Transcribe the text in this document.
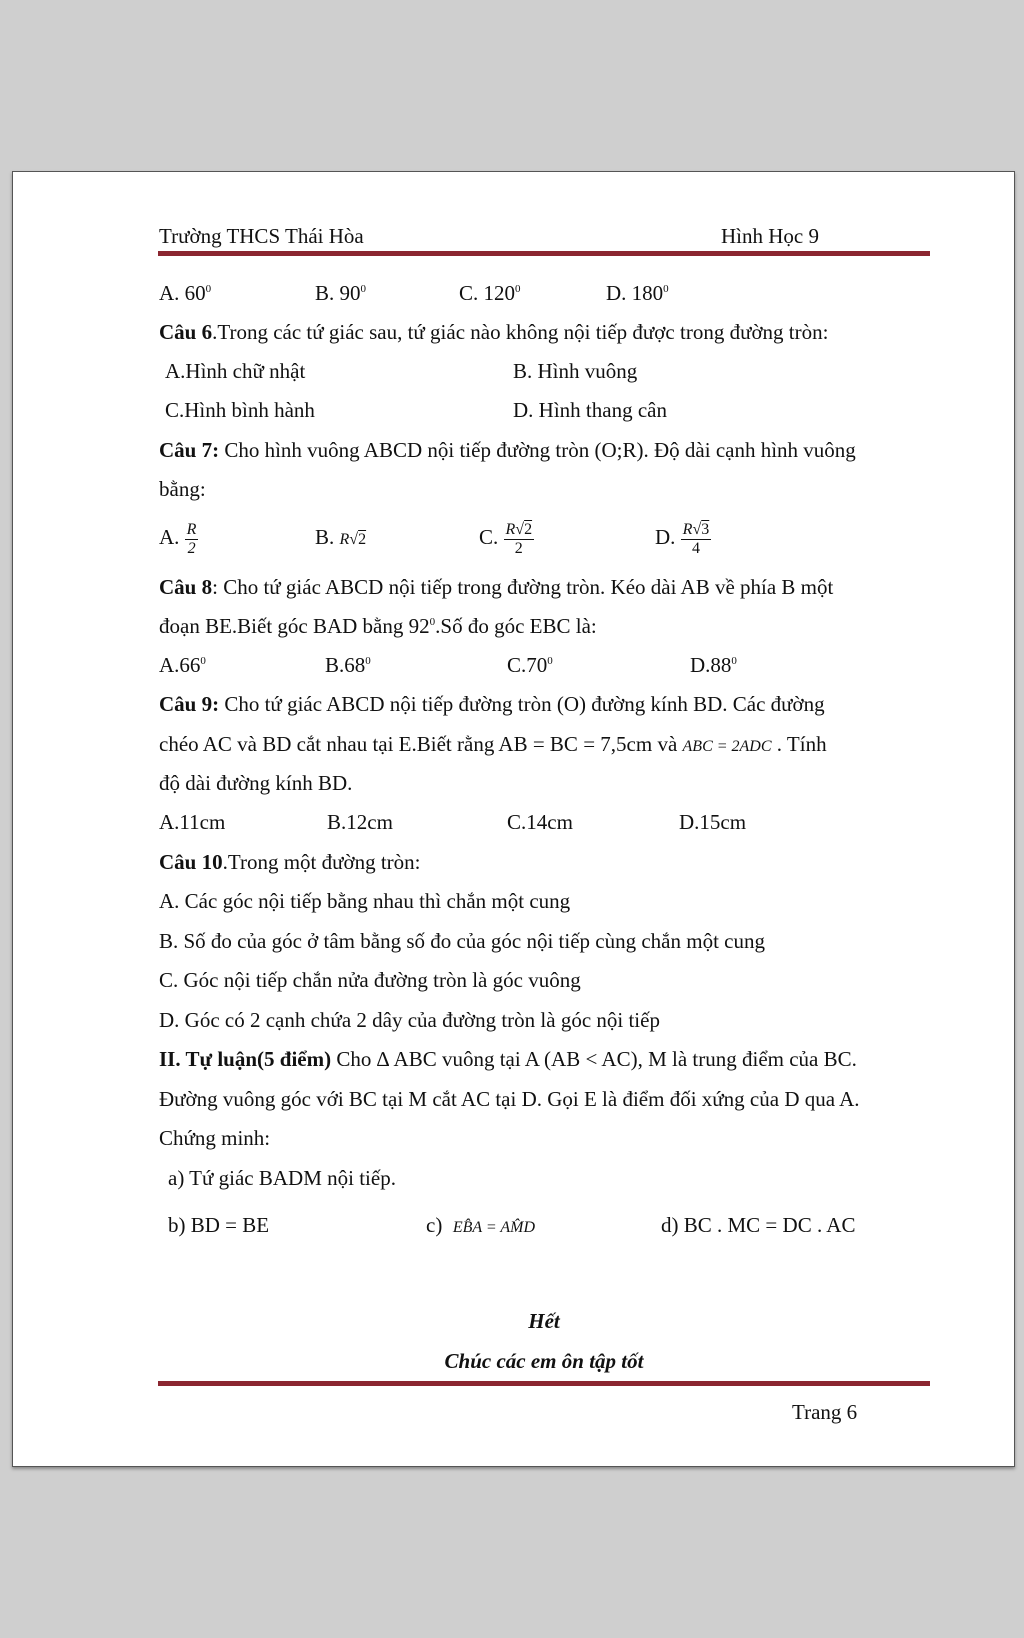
Trường THCS Thái Hòa	Hình Học 9
A. $60^0$	B. $90^0$	C. $120^0$	D. $180^0$
Câu 6.Trong các tứ giác sau, tứ giác nào không nội tiếp được trong đường tròn:
A.Hình chữ nhật	B. Hình vuông
C.Hình bình hành	D. Hình thang cân
Câu 7: Cho hình vuông ABCD nội tiếp đường tròn (O;R). Độ dài cạnh hình vuông
bằng:
A. $\frac{R}{2}$	B. R√2	C. $\frac{R√2}{2}$	D. $\frac{R√3}{4}$
Câu 8: Cho tứ giác ABCD nội tiếp trong đường tròn. Kéo dài AB về phía B một
đoạn BE.Biết góc BAD bằng $92^0.Số$ đo góc EBC là:
$A.66^0$	$B.68^0$	$C.70^0$	$D.88^0$
Câu 9: Cho tứ giác ABCD nội tiếp đường tròn (O) đường kính BD. Các đường
chéo AC và BD cắt nhau tại E.Biết rằng AB = BC = 7,5cm và ABC = 2ADC . Tính
độ dài đường kính BD.
A.11cm	B.12cm	C.14cm	D.15cm
Câu 10.Trong một đường tròn:
A. Các góc nội tiếp bằng nhau thì chắn một cung
B. Số đo của góc ở tâm bằng số đo của góc nội tiếp cùng chắn một cung
C. Góc nội tiếp chắn nửa đường tròn là góc vuông
D. Góc có 2 cạnh chứa 2 dây của đường tròn là góc nội tiếp
II. Tự luận(5 điểm) Cho ∆ ABC vuông tại A (AB < AC), M là trung điểm của BC.
Đường vuông góc với BC tại M cắt AC tại D. Gọi E là điểm đối xứng của D qua A.
Chứng minh:
a) Tứ giác BADM nội tiếp.
b) BD = BE	c) EB̂A = AM̂D	d) BC . MC = DC . AC
Hết
Chúc các em ôn tập tốt
Trang 6
